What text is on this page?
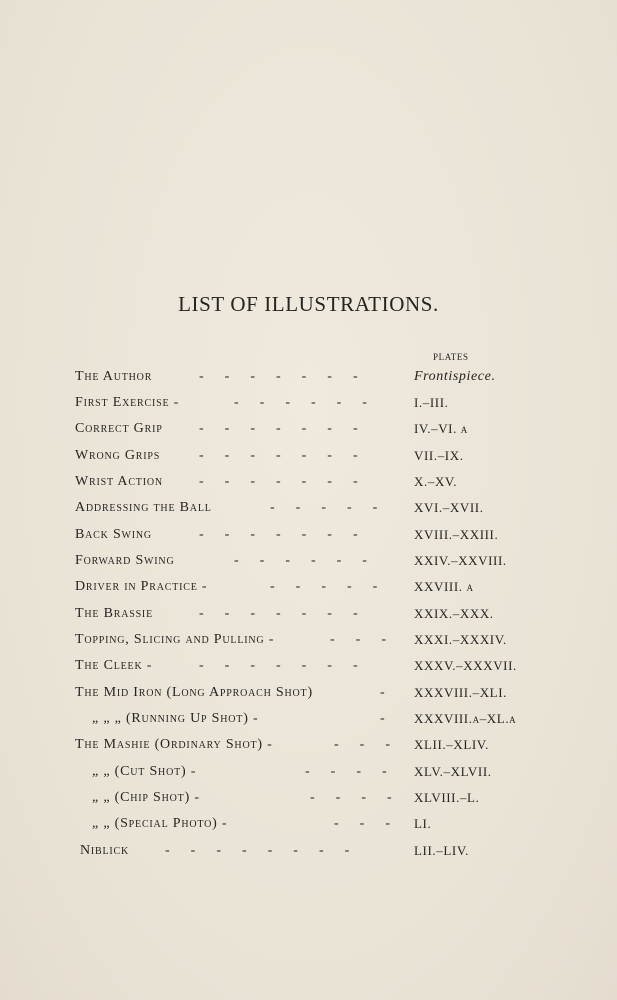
LIST OF ILLUSTRATIONS.
PLATES
The Author	-      -      -      -      -      -      -	Frontispiece.
First Exercise -	-      -      -      -      -      -	I.–III.
Correct Grip	-      -      -      -      -      -      -	IV.–VI. a
Wrong Grips	-      -      -      -      -      -      -	VII.–IX.
Wrist Action	-      -      -      -      -      -      -	X.–XV.
Addressing the Ball	-      -      -      -      -	XVI.–XVII.
Back Swing	-      -      -      -      -      -      -	XVIII.–XXIII.
Forward Swing	-      -      -      -      -      -	XXIV.–XXVIII.
Driver in Practice -	-      -      -      -      -	XXVIII. a
The Brassie	-      -      -      -      -      -      -	XXIX.–XXX.
Topping, Slicing and Pulling -	-      -      - XXXI.–XXXIV.
The Cleek -	-      -      -      -      -      -      -	XXXV.–XXXVII.
The Mid Iron (Long Approach Shot)	- XXXVIII.–XLI.
„ „ „ (Running Up Shot) -	- XXXVIII.a–XL.a
The Mashie (Ordinary Shot) -	-      -      - XLII.–XLIV.
„ „ (Cut Shot) -	-      -      -      - XLV.–XLVII.
„ „ (Chip Shot) -	-      -      -      - XLVIII.–L.
„ „ (Special Photo) -	-      -      - LI.
Niblick	-      -      -      -      -      -      -      -	LII.–LIV.
